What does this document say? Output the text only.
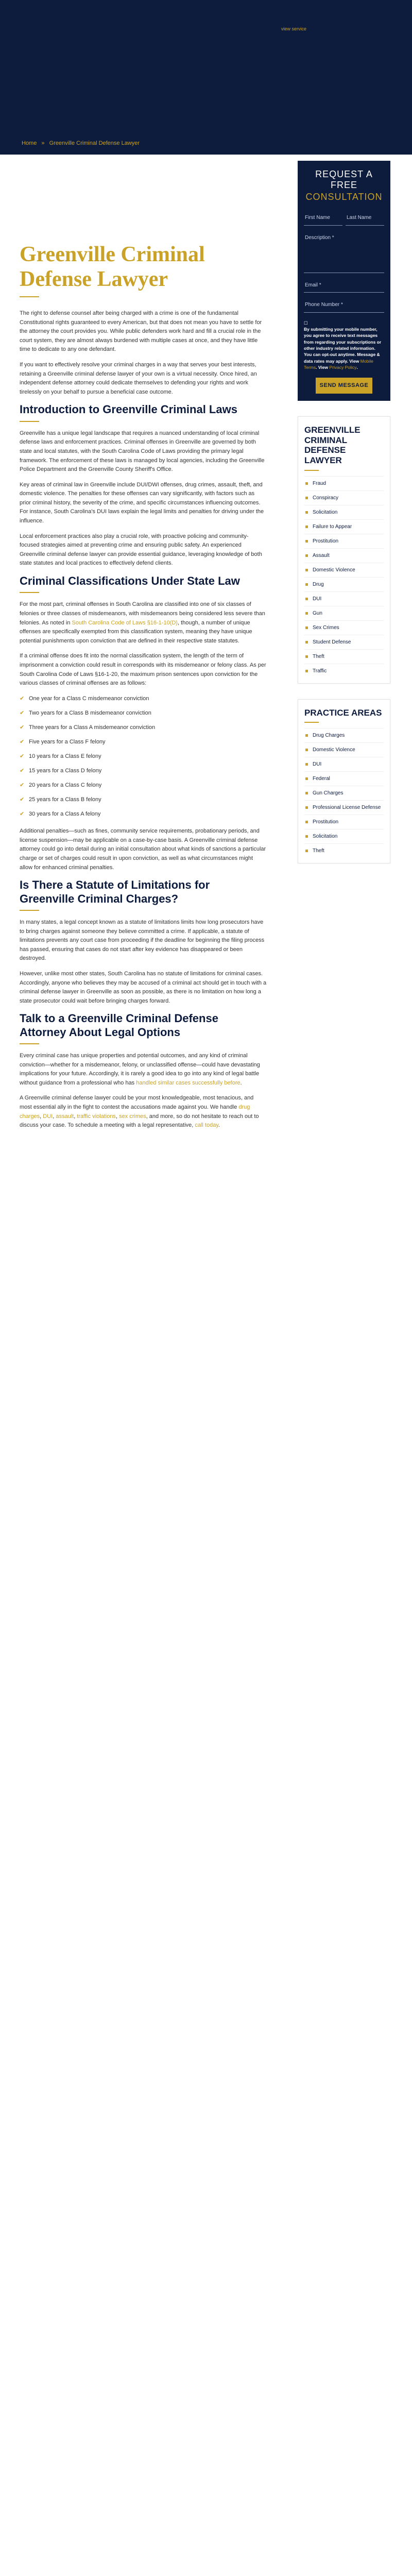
view service
Home » Greenville Criminal Defense Lawyer
Greenville Criminal Defense Lawyer

The right to defense counsel after being charged with a crime is one of the fundamental Constitutional rights guaranteed to every American, but that does not mean you have to settle for the attorney the court provides you. While public defenders work hard and fill a crucial role in the court system, they are almost always burdened with multiple cases at once, and they have little time to dedicate to any one defendant.

If you want to effectively resolve your criminal charges in a way that serves your best interests, retaining a Greenville criminal defense lawyer of your own is a virtual necessity. Once hired, an independent defense attorney could dedicate themselves to defending your rights and work tirelessly on your behalf to pursue a beneficial case outcome.

Introduction to Greenville Criminal Laws

Greenville has a unique legal landscape that requires a nuanced understanding of local criminal defense laws and enforcement practices. Criminal offenses in Greenville are governed by both state and local statutes, with the South Carolina Code of Laws providing the primary legal framework. The enforcement of these laws is managed by local agencies, including the Greenville Police Department and the Greenville County Sheriff's Office.

Key areas of criminal law in Greenville include DUI/DWI offenses, drug crimes, assault, theft, and domestic violence. The penalties for these offenses can vary significantly, with factors such as prior criminal history, the severity of the crime, and specific circumstances influencing outcomes. For instance, South Carolina's DUI laws explain the legal limits and penalties for driving under the influence.

Local enforcement practices also play a crucial role, with proactive policing and community-focused strategies aimed at preventing crime and ensuring public safety. An experienced Greenville criminal defense lawyer can provide essential guidance, leveraging knowledge of both state statutes and local practices to effectively defend clients.

Criminal Classifications Under State Law

For the most part, criminal offenses in South Carolina are classified into one of six classes of felonies or three classes of misdemeanors, with misdemeanors being considered less severe than felonies. As noted in South Carolina Code of Laws §16-1-10(D), though, a number of unique offenses are specifically exempted from this classification system, meaning they have unique potential punishments upon conviction that are defined in their respective state statutes.

If a criminal offense does fit into the normal classification system, the length of the term of imprisonment a conviction could result in corresponds with its misdemeanor or felony class. As per South Carolina Code of Laws §16-1-20, the maximum prison sentences upon conviction for the various classes of criminal offenses are as follows:

✔ One year for a Class C misdemeanor conviction
✔ Two years for a Class B misdemeanor conviction
✔ Three years for a Class A misdemeanor conviction
✔ Five years for a Class F felony
✔ 10 years for a Class E felony
✔ 15 years for a Class D felony
✔ 20 years for a Class C felony
✔ 25 years for a Class B felony
✔ 30 years for a Class A felony

Additional penalties—such as fines, community service requirements, probationary periods, and license suspension—may be applicable on a case-by-case basis. A Greenville criminal defense attorney could go into detail during an initial consultation about what kinds of sanctions a particular charge or set of charges could result in upon conviction, as well as what circumstances might allow for enhanced criminal penalties.

Is There a Statute of Limitations for Greenville Criminal Charges?

In many states, a legal concept known as a statute of limitations limits how long prosecutors have to bring charges against someone they believe committed a crime. If applicable, a statute of limitations prevents any court case from proceeding if the deadline for beginning the filing process has passed, ensuring that cases do not start after key evidence has disappeared or been destroyed.

However, unlike most other states, South Carolina has no statute of limitations for criminal cases. Accordingly, anyone who believes they may be accused of a criminal act should get in touch with a criminal defense lawyer in Greenville as soon as possible, as there is no limitation on how long a state prosecutor could wait before bringing charges forward.

Talk to a Greenville Criminal Defense Attorney About Legal Options

Every criminal case has unique properties and potential outcomes, and any kind of criminal conviction—whether for a misdemeanor, felony, or unclassified offense—could have devastating implications for your future. Accordingly, it is rarely a good idea to go into any kind of legal battle without guidance from a professional who has handled similar cases successfully before.

A Greenville criminal defense lawyer could be your most knowledgeable, most tenacious, and most essential ally in the fight to contest the accusations made against you. We handle drug charges, DUI, assault, traffic violations, sex crimes, and more, so do not hesitate to reach out to discuss your case. To schedule a meeting with a legal representative, call today.

REQUEST A
FREE
CONSULTATION
First Name	Last Name
Description *
Email *
Phone Number *
☐
By submitting your mobile number, you agree to receive text messages from regarding your subscriptions or other industry related information. You can opt-out anytime. Message & data rates may apply. View Mobile Terms. View Privacy Policy.
SEND MESSAGE
GREENVILLE CRIMINAL DEFENSE LAWYER
Fraud
Conspiracy
Solicitation
Failure to Appear
Prostitution
Assault
Domestic Violence
Drug
DUI
Gun
Sex Crimes
Student Defense
Theft
Traffic
PRACTICE AREAS
Drug Charges
Domestic Violence
DUI
Federal
Gun Charges
Professional License Defense
Prostitution
Solicitation
Theft
